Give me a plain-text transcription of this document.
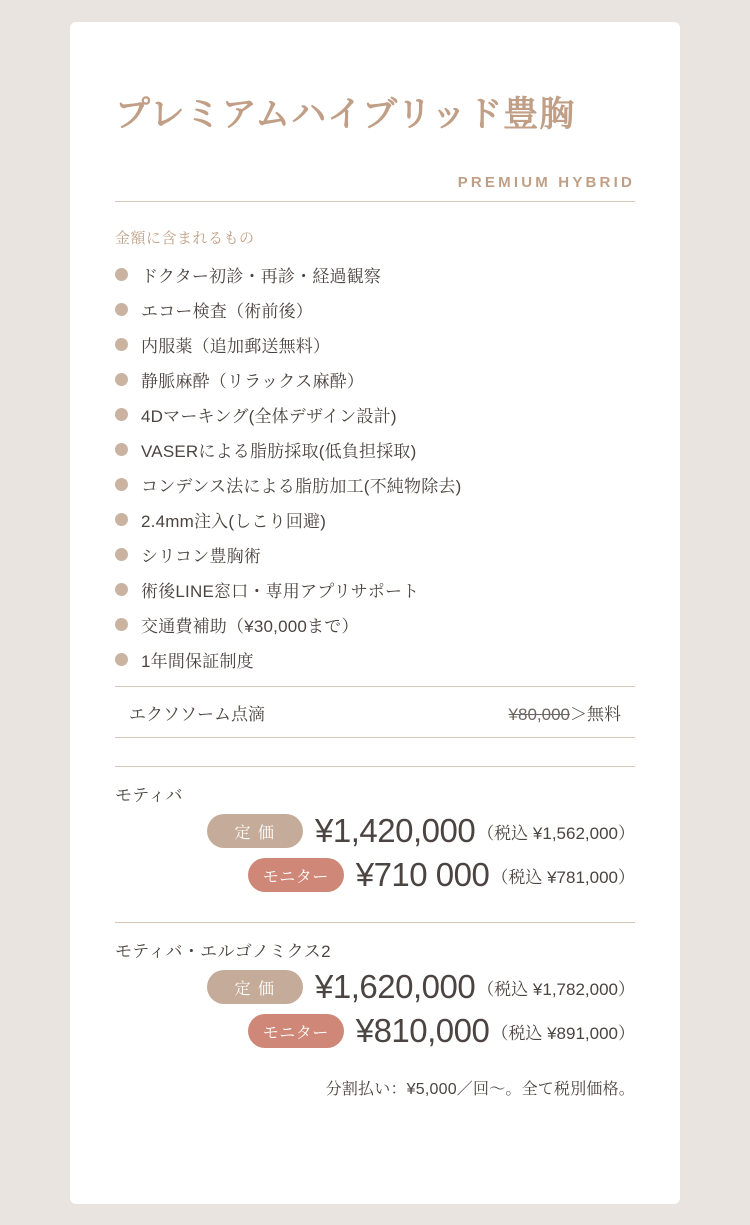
プレミアムハイブリッド豊胸
PREMIUM HYBRID
金額に含まれるもの
ドクター初診・再診・経過観察
エコー検査（術前後）
内服薬（追加郵送無料）
静脈麻酔（リラックス麻酔）
4Dマーキング(全体デザイン設計)
VASERによる脂肪採取(低負担採取)
コンデンス法による脂肪加工(不純物除去)
2.4mm注入(しこり回避)
シリコン豊胸術
術後LINE窓口・専用アプリサポート
交通費補助（¥30,000まで）
1年間保証制度
エクソソーム点滴	¥80,000＞無料
モティバ
定 価	¥1,420,000 （税込 ¥1,562,000）
モニター ¥710 000 （税込 ¥781,000）
モティバ・エルゴノミクス2
定 価	¥1,620,000 （税込 ¥1,782,000）
モニター ¥810,000 （税込 ¥891,000）
分割払い：¥5,000／回〜。全て税別価格。
